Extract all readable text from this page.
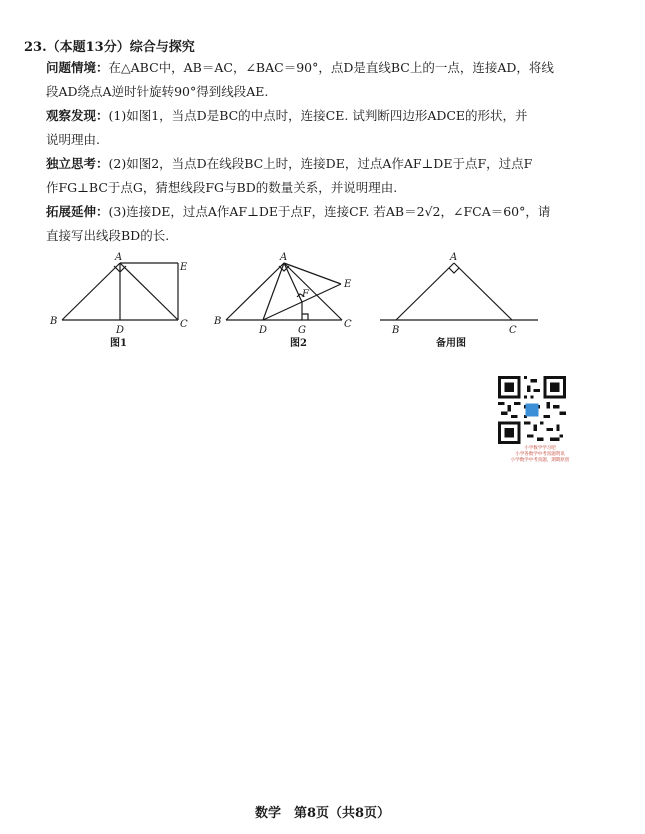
23.（本题13分）综合与探究
问题情境：在△ABC中，AB＝AC，∠BAC＝90°，点D是直线BC上的一点，连接AD，将线
段AD绕点A逆时针旋转90°得到线段AE.
观察发现：(1)如图1，当点D是BC的中点时，连接CE. 试判断四边形ADCE的形状，并
说明理由.
独立思考：(2)如图2，当点D在线段BC上时，连接DE，过点A作AF⊥DE于点F，过点F
作FG⊥BC于点G，猜想线段FG与BD的数量关系，并说明理由.
拓展延伸：(3)连接DE，过点A作AF⊥DE于点F，连接CF. 若AB＝2√2，∠FCA＝60°，请
直接写出线段BD的长.
A
B	C
D
E
图1
A
B	C
D
E
F
G
图2
A
B	C
备用图
小学数学学习吧
小学各数学中考真题资讯
小学数学中考真题，期期原创
数学　第8页（共8页）
